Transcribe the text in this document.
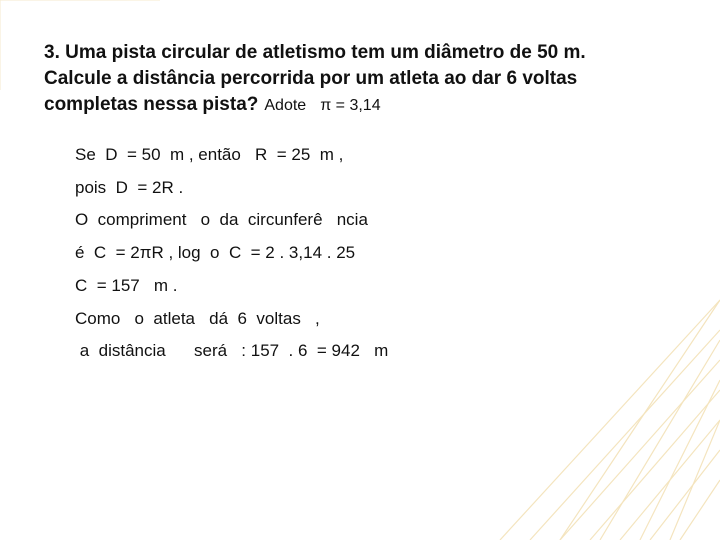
3. Uma pista circular de atletismo tem um diâmetro de 50 m.
Calcule a distância percorrida por um atleta ao dar 6 voltas
completas nessa pista? Adote π = 3,14
Se  D  = 50  m , então   R  = 25  m ,
pois  D  = 2R .
O  compriment   o  da  circunferê   ncia
é  C  = 2πR , log  o  C  = 2 . 3,14 . 25
C  = 157   m .
Como   o  atleta   dá  6  voltas   ,
a  distância      será   : 157  . 6  = 942   m
